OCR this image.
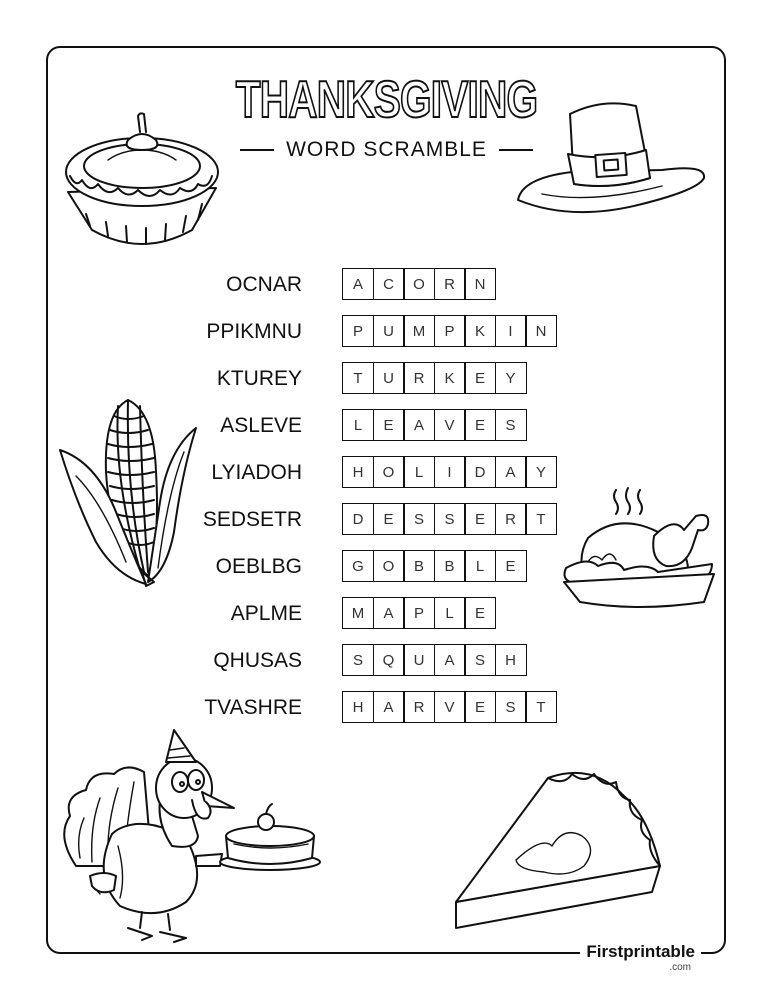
THANKSGIVING
WORD SCRAMBLE
OCNAR	A	C	O	R	N
PPIKMNU	P	U	M	P	K	I	N
KTUREY	T	U	R	K	E	Y
ASLEVE	L	E	A	V	E	S
LYIADOH	H	O	L	I	D	A	Y
SEDSETR	D	E	S	S	E	R	T
OEBLBG	G	O	B	B	L	E
APLME	M	A	P	L	E
QHUSAS	S	Q	U	A	S	H
TVASHRE	H	A	R	V	E	S	T
Firstprintable
.com
